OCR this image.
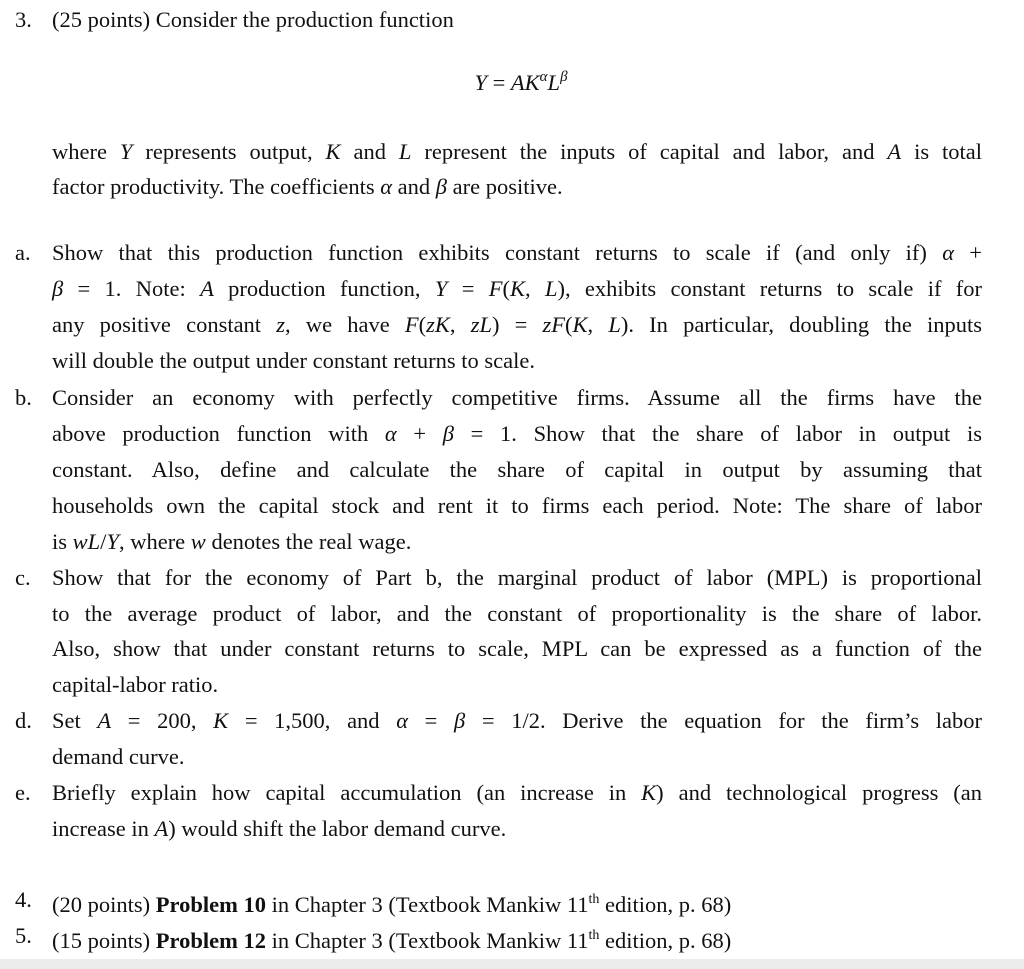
3. (25 points) Consider the production function
$Y = AK^\alpha L^\beta$
where Y represents output, K and L represent the inputs of capital and labor, and A is total
factor productivity. The coefficients α and β are positive.
a. Show that this production function exhibits constant returns to scale if (and only if) α +
β = 1. Note: A production function, Y = F(K, L), exhibits constant returns to scale if for
any positive constant z, we have F(zK, zL) = zF(K, L). In particular, doubling the inputs
will double the output under constant returns to scale.
b. Consider an economy with perfectly competitive firms. Assume all the firms have the
above production function with α + β = 1. Show that the share of labor in output is
constant. Also, define and calculate the share of capital in output by assuming that
households own the capital stock and rent it to firms each period. Note: The share of labor
is wL/Y, where w denotes the real wage.
c. Show that for the economy of Part b, the marginal product of labor (MPL) is proportional
to the average product of labor, and the constant of proportionality is the share of labor.
Also, show that under constant returns to scale, MPL can be expressed as a function of the
capital-labor ratio.
d. Set A = 200, K = 1,500, and α = β = 1/2. Derive the equation for the firm’s labor
demand curve.
e. Briefly explain how capital accumulation (an increase in K) and technological progress (an
increase in A) would shift the labor demand curve.
4. (20 points) Problem 10 in Chapter 3 (Textbook Mankiw 11th edition, p. 68)
5. (15 points) Problem 12 in Chapter 3 (Textbook Mankiw 11th edition, p. 68)
